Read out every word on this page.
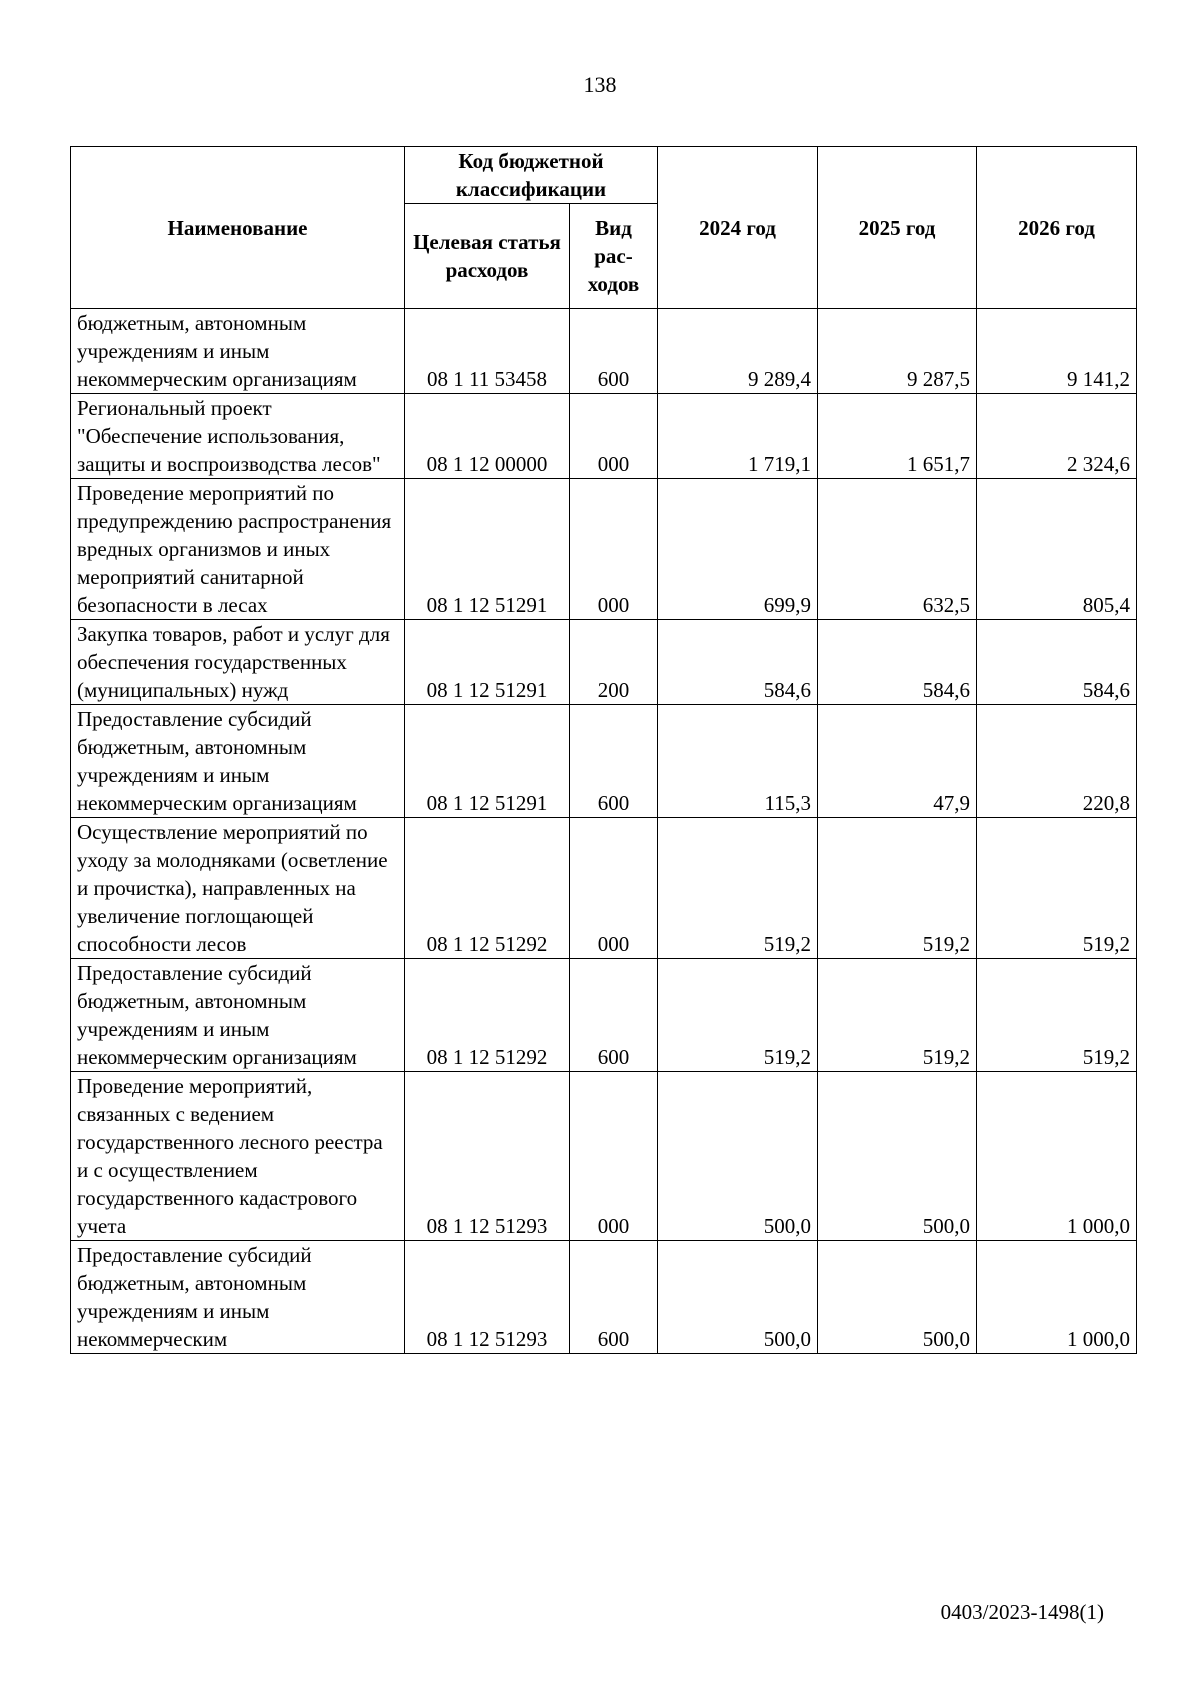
138
Наименование	Код бюджетной классификации		2024 год	2025 год	2026 год
	Целевая статья расходов	Вид рас-ходов			
бюджетным, автономным учреждениям и иным некоммерческим организациям	08 1 11 53458	600	9 289,4	9 287,5	9 141,2
Региональный проект "Обеспечение использования, защиты и воспроизводства лесов"	08 1 12 00000	000	1 719,1	1 651,7	2 324,6
Проведение мероприятий по предупреждению распространения вредных организмов и иных мероприятий санитарной безопасности в лесах	08 1 12 51291	000	699,9	632,5	805,4
Закупка товаров, работ и услуг для обеспечения государственных (муниципальных) нужд	08 1 12 51291	200	584,6	584,6	584,6
Предоставление субсидий бюджетным, автономным учреждениям и иным некоммерческим организациям	08 1 12 51291	600	115,3	47,9	220,8
Осуществление мероприятий по уходу за молодняками (осветление и прочистка), направленных на увеличение поглощающей способности лесов	08 1 12 51292	000	519,2	519,2	519,2
Предоставление субсидий бюджетным, автономным учреждениям и иным некоммерческим организациям	08 1 12 51292	600	519,2	519,2	519,2
Проведение мероприятий, связанных с ведением государственного лесного реестра и с осуществлением государственного кадастрового учета	08 1 12 51293	000	500,0	500,0	1 000,0
Предоставление субсидий бюджетным, автономным учреждениям и иным некоммерческим	08 1 12 51293	600	500,0	500,0	1 000,0
0403/2023-1498(1)
